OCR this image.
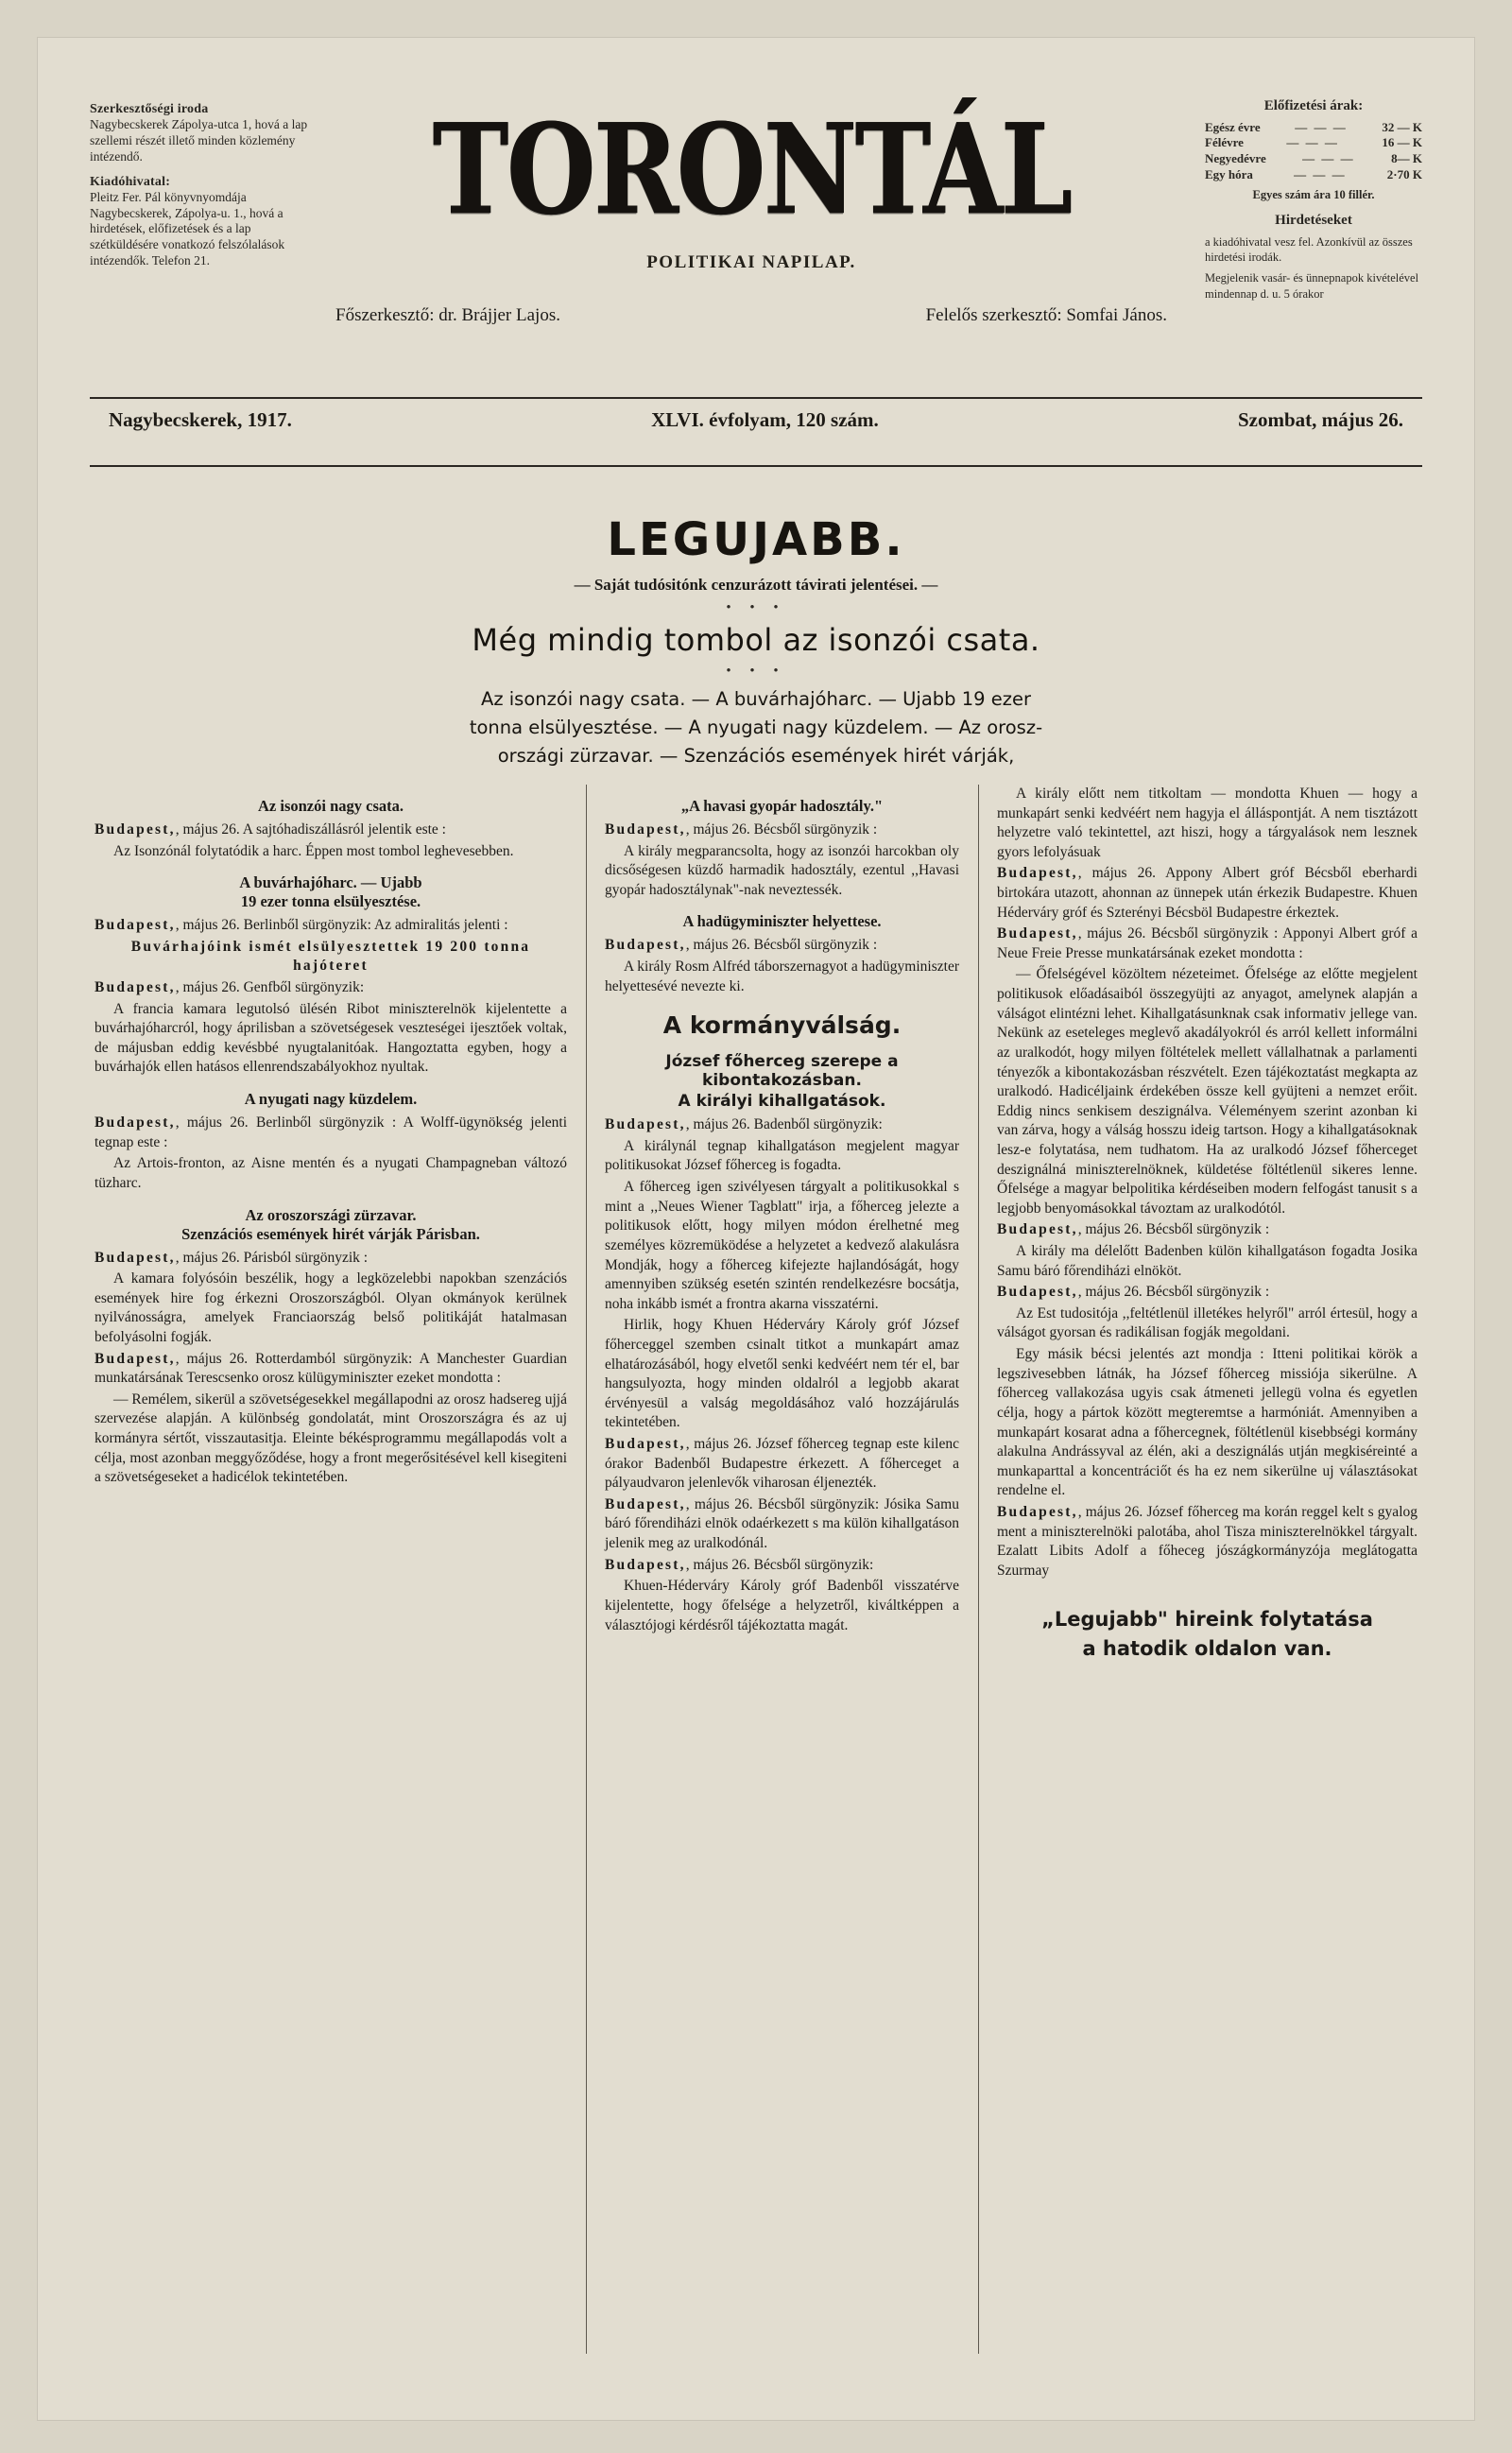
Szerkesztőségi iroda
Nagybecskerek Zápolya-utca 1, hová a lap szellemi részét illető minden közlemény intézendő.
Kiadóhivatal:
Pleitz Fer. Pál könyvnyomdája Nagybecskerek, Zápolya-u. 1., hová a hirdetések, előfizetések és a lap szétküldésére vonatkozó felszólalások intézendők. Telefon 21.
TORONTÁL
POLITIKAI NAPILAP.
Főszerkesztő: dr. Brájjer Lajos.	Felelős szerkesztő: Somfai János.
Előfizetési árak:
Egész évre	— — —	32 — K
Félévre	— — —	16 — K
Negyedévre	— — —	8— K
Egy hóra	— — —	2·70 K
Egyes szám ára 10 fillér.
Hirdetéseket
a kiadóhivatal vesz fel. Azonkívül az összes hirdetési irodák.
Megjelenik vasár- és ünnepnapok kivételével mindennap d. u. 5 órakor
Nagybecskerek, 1917.	XLVI. évfolyam, 120 szám.	Szombat, május 26.
LEGUJABB.
— Saját tudósitónk cenzurázott távirati jelentései. —
• • •
Még mindig tombol az isonzói csata.
• • •
Az isonzói nagy csata. — A buvárhajóharc. — Ujabb 19 ezer
tonna elsülyesztése. — A nyugati nagy küzdelem. — Az orosz-
országi zürzavar. — Szenzációs események hirét várják,
Az isonzói nagy csata.

Budapest,, május 26. A sajtóhadiszállásról jelentik este :

Az Isonzónál folytatódik a harc. Éppen most tombol leghevesebben.

A buvárhajóharc. — Ujabb
19 ezer tonna elsülyesztése.

Budapest,, május 26. Berlinből sürgönyzik: Az admiralitás jelenti :

Buvárhajóink ismét elsülyesztettek 19 200 tonna hajóteret

Budapest,, május 26. Genfből sürgönyzik:

A francia kamara legutolsó ülésén Ribot miniszterelnök kijelentette a buvárhajóharcról, hogy áprilisban a szövetségesek veszteségei ijesztőek voltak, de májusban eddig kevésbbé nyugtalanitóak. Hangoztatta egyben, hogy a buvárhajók ellen hatásos ellenrendszabályokhoz nyultak.

A nyugati nagy küzdelem.

Budapest,, május 26. Berlinből sürgönyzik : A Wolff-ügynökség jelenti tegnap este :

Az Artois-fronton, az Aisne mentén és a nyugati Champagneban változó tüzharc.

Az oroszországi zürzavar.
Szenzációs események hirét várják Párisban.

Budapest,, május 26. Párisból sürgönyzik :

A kamara folyósóin beszélik, hogy a legközelebbi napokban szenzációs események hire fog érkezni Oroszországból. Olyan okmányok kerülnek nyilvánosságra, amelyek Franciaország belső politikáját hatalmasan befolyásolni fogják.

Budapest,, május 26. Rotterdamból sürgönyzik: A Manchester Guardian munkatársának Terescsenko orosz külügyminiszter ezeket mondotta :

— Remélem, sikerül a szövetségesekkel megállapodni az orosz hadsereg ujjá szervezése alapján. A különbség gondolatát, mint Oroszországra és az uj kormányra sértőt, visszautasitja. Eleinte békésprogrammu megállapodás volt a célja, most azonban meggyőződése, hogy a front megerősitésével kell kisegiteni a szövetségeseket a hadicélok tekintetében.

„A havasi gyopár hadosztály."

Budapest,, május 26. Bécsből sürgönyzik :

A király megparancsolta, hogy az isonzói harcokban oly dicsőségesen küzdő harmadik hadosztály, ezentul ,,Havasi gyopár hadosztálynak"-nak neveztessék.

A hadügyminiszter helyettese.

Budapest,, május 26. Bécsből sürgönyzik :

A király Rosm Alfréd táborszernagyot a hadügyminiszter helyettesévé nevezte ki.

A kormányválság.
József főherceg szerepe a kibontakozásban.
A királyi kihallgatások.

Budapest,, május 26. Badenből sürgönyzik:

A királynál tegnap kihallgatáson megjelent magyar politikusokat József főherceg is fogadta.

A főherceg igen szivélyesen tárgyalt a politikusokkal s mint a ,,Neues Wiener Tagblatt" irja, a főherceg jelezte a politikusok előtt, hogy milyen módon érelhetné meg személyes közremüködése a helyzetet a kedvező alakulásra Mondják, hogy a főherceg kifejezte hajlandóságát, hogy amennyiben szükség esetén szintén rendelkezésre bocsátja, noha inkább ismét a frontra akarna visszatérni.

Hirlik, hogy Khuen Héderváry Károly gróf József főherceggel szemben csinalt titkot a munkapárt amaz elhatározásából, hogy elvetől senki kedvéért nem tér el, bar hangsulyozta, hogy minden oldalról a legjobb akarat érvényesül a valság megoldásához való hozzájárulás tekintetében.

Budapest,, május 26. József főherceg tegnap este kilenc órakor Badenből Budapestre érkezett. A főherceget a pályaudvaron jelenlevők viharosan éljenezték.

Budapest,, május 26. Bécsből sürgönyzik: Jósika Samu báró főrendiházi elnök odaérkezett s ma külön kihallgatáson jelenik meg az uralkodónál.

Budapest,, május 26. Bécsből sürgönyzik:

Khuen-Héderváry Károly gróf Badenből visszatérve kijelentette, hogy őfelsége a helyzetről, kiváltképpen a választójogi kérdésről tájékoztatta magát.

A király előtt nem titkoltam — mondotta Khuen — hogy a munkapárt senki kedvéért nem hagyja el álláspontját. A nem tisztázott helyzetre való tekintettel, azt hiszi, hogy a tárgyalások nem lesznek gyors lefolyásuak

Budapest,, május 26. Appony Albert gróf Bécsből eberhardi birtokára utazott, ahonnan az ünnepek után érkezik Budapestre. Khuen Héderváry gróf és Szterényi Bécsböl Budapestre érkeztek.

Budapest,, május 26. Bécsből sürgönyzik : Apponyi Albert gróf a Neue Freie Presse munkatársának ezeket mondotta :

— Őfelségével közöltem nézeteimet. Őfelsége az előtte megjelent politikusok előadásaiból összegyüjti az anyagot, amelynek alapján a válságot elintézni lehet. Kihallgatásunknak csak informativ jellege van. Nekünk az eseteleges meglevő akadályokról és arról kellett informálni az uralkodót, hogy milyen föltételek mellett vállalhatnak a parlamenti tényezők a kibontakozásban részvételt. Ezen tájékoztatást megkapta az uralkodó. Hadicéljaink érdekében össze kell gyüjteni a nemzet erőit. Eddig nincs senkisem deszignálva. Véleményem szerint azonban ki van zárva, hogy a válság hosszu ideig tartson. Hogy a kihallgatásoknak lesz-e folytatása, nem tudhatom. Ha az uralkodó József főherceget deszignálná miniszterelnöknek, küldetése föltétlenül sikeres lenne. Őfelsége a magyar belpolitika kérdéseiben modern felfogást tanusit s a legjobb benyomásokkal távoztam az uralkodótól.

Budapest,, május 26. Bécsből sürgönyzik :

A király ma délelőtt Badenben külön kihallgatáson fogadta Josika Samu báró főrendiházi elnököt.

Budapest,, május 26. Bécsből sürgönyzik :

Az Est tudositója ,,feltétlenül illetékes helyről" arról értesül, hogy a válságot gyorsan és radikálisan fogják megoldani.

Egy másik bécsi jelentés azt mondja : Itteni politikai körök a legszivesebben látnák, ha József főherceg missiója sikerülne. A főherceg vallakozása ugyis csak átmeneti jellegü volna és egyetlen célja, hogy a pártok között megteremtse a harmóniát. Amennyiben a munkapárt kosarat adna a főhercegnek, föltétlenül kisebbségi kormány alakulna Andrássyval az élén, aki a deszignálás utján megkiséreinté a munkaparttal a koncentráciőt és ha ez nem sikerülne uj választásokat rendelne el.

Budapest,, május 26. József főherceg ma korán reggel kelt s gyalog ment a miniszterelnöki palotába, ahol Tisza miniszterelnökkel tárgyalt. Ezalatt Libits Adolf a főheceg jószágkormányzója meglátogatta Szurmay

„Legujabb" hireink folytatása
a hatodik oldalon van.
